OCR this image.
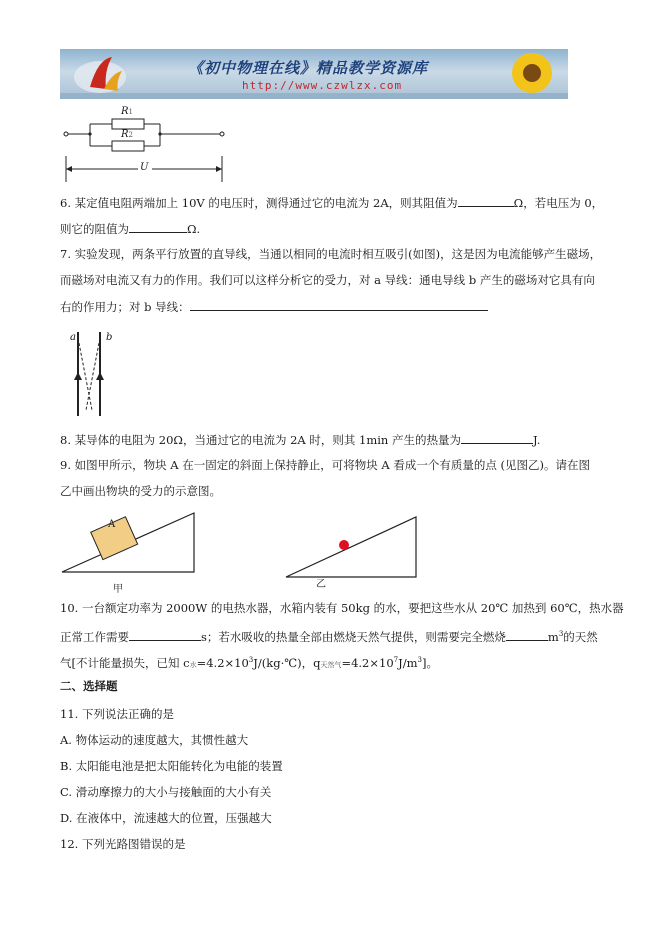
《初中物理在线》精品教学资源库
http://www.czwlzx.com
R1
R2
U
6. 某定值电阻两端加上 10V 的电压时，测得通过它的电流为 2A，则其阻值为	Ω，若电压为 0，
则它的阻值为	Ω.
7. 实验发现，两条平行放置的直导线，当通以相同的电流时相互吸引(如图)，这是因为电流能够产生磁场，
而磁场对电流又有力的作用。我们可以这样分析它的受力，对 a 导线：通电导线 b 产生的磁场对它具有向
右的作用力；对 b 导线：
a	b
8. 某导体的电阻为 20Ω，当通过它的电流为 2A 时，则其 1min 产生的热量为	J.
9. 如图甲所示，物块 A 在一固定的斜面上保持静止，可将物块 A 看成一个有质量的点 (见图乙)。请在图
乙中画出物块的受力的示意图。
A
甲	乙
10. 一台额定功率为 2000W 的电热水器，水箱内装有 50kg 的水，要把这些水从 20℃ 加热到 60℃，热水器
正常工作需要	s；若水吸收的热量全部由燃烧天然气提供，则需要完全燃烧	$m^3$的天然
气[不计能量损失，已知 c水$=4.2\times 10^3J/(kg\cdot℃)$，q天然气$=4.2\times 10^7J/m^3$]。
二、选择题
11. 下列说法正确的是
A. 物体运动的速度越大，其惯性越大
B. 太阳能电池是把太阳能转化为电能的装置
C. 滑动摩擦力的大小与接触面的大小有关
D. 在液体中，流速越大的位置，压强越大
12. 下列光路图错误的是
